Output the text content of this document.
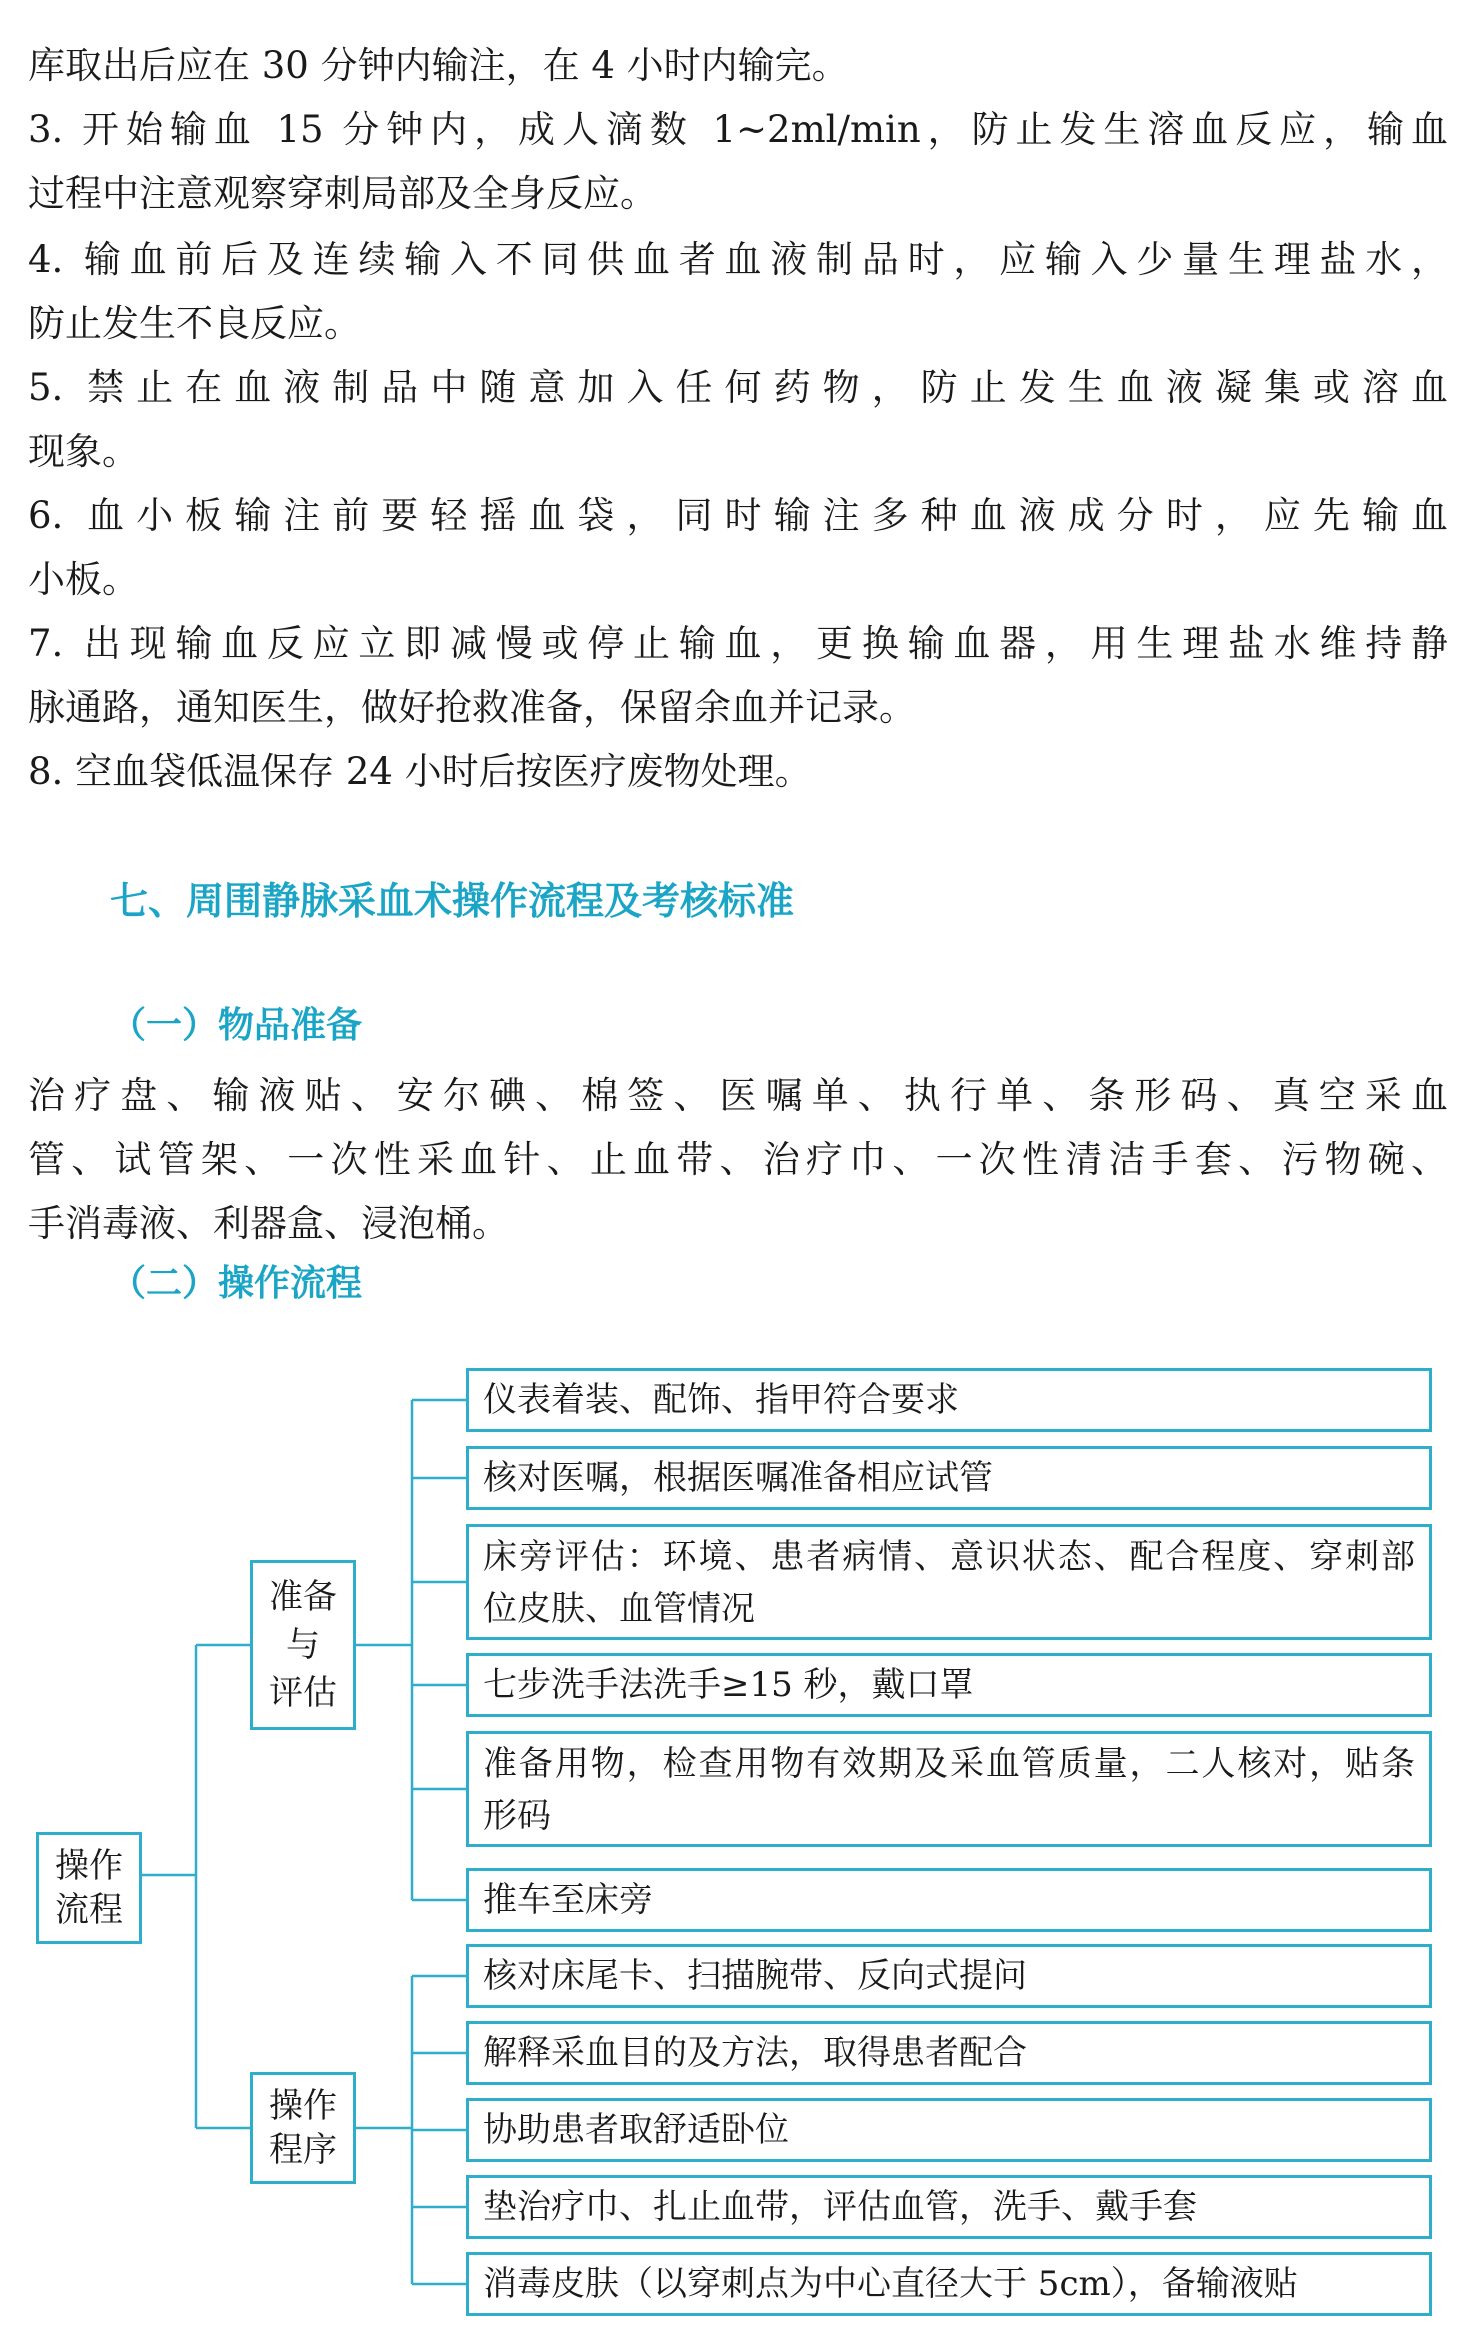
库取出后应在 30 分钟内输注，在 4 小时内输完。

3. 开始输血 15 分钟内，成人滴数 1~2ml/min，防止发生溶血反应，输血

过程中注意观察穿刺局部及全身反应。

4. 输血前后及连续输入不同供血者血液制品时，应输入少量生理盐水，

防止发生不良反应。

5. 禁止在血液制品中随意加入任何药物，防止发生血液凝集或溶血

现象。

6. 血小板输注前要轻摇血袋，同时输注多种血液成分时，应先输血

小板。

7. 出现输血反应立即减慢或停止输血，更换输血器，用生理盐水维持静

脉通路，通知医生，做好抢救准备，保留余血并记录。

8. 空血袋低温保存 24 小时后按医疗废物处理。

七、周围静脉采血术操作流程及考核标准
（一）物品准备

治疗盘、输液贴、安尔碘、棉签、医嘱单、执行单、条形码、真空采血

管、试管架、一次性采血针、止血带、治疗巾、一次性清洁手套、污物碗、

手消毒液、利器盒、浸泡桶。

（二）操作流程
操作
流程
准备
与
评估
操作
程序
仪表着装、配饰、指甲符合要求
核对医嘱，根据医嘱准备相应试管
床旁评估：环境、患者病情、意识状态、配合程度、穿刺部
位皮肤、血管情况
七步洗手法洗手≥15 秒，戴口罩
准备用物，检查用物有效期及采血管质量，二人核对，贴条
形码
推车至床旁
核对床尾卡、扫描腕带、反向式提问
解释采血目的及方法，取得患者配合
协助患者取舒适卧位
垫治疗巾、扎止血带，评估血管，洗手、戴手套
消毒皮肤（以穿刺点为中心直径大于 5cm），备输液贴
